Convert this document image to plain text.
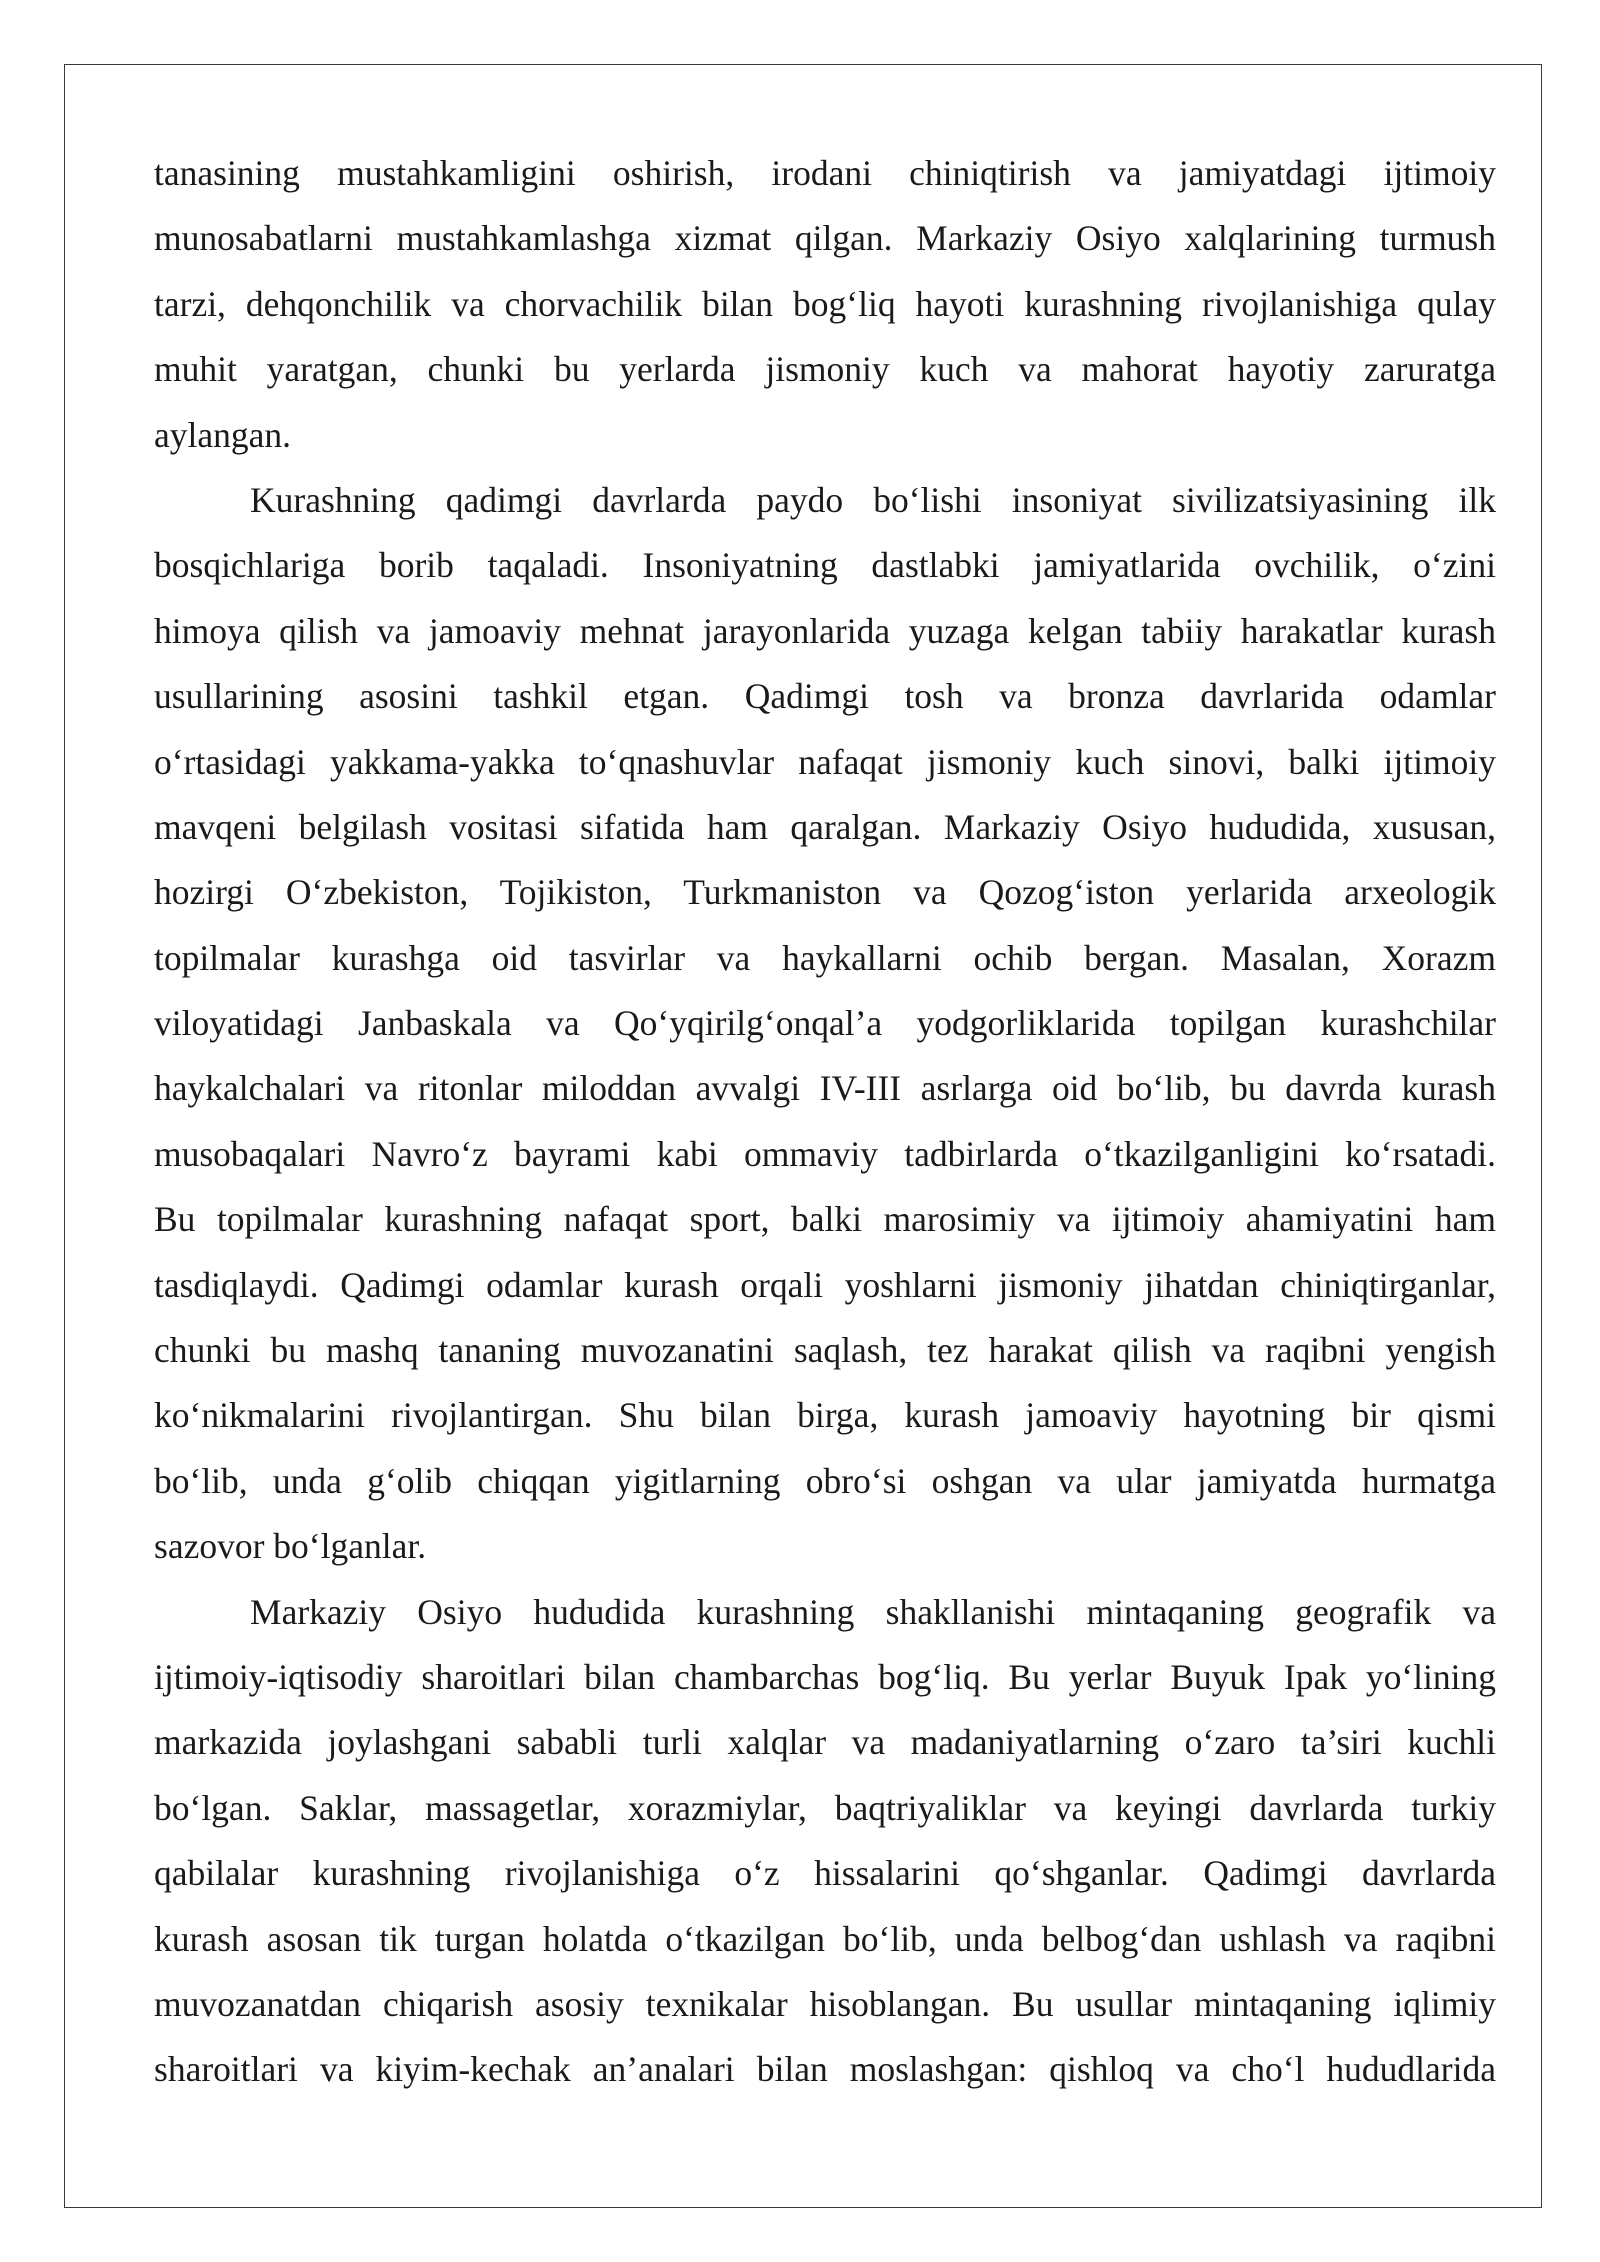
tanasining mustahkamligini oshirish, irodani chiniqtirish va jamiyatdagi ijtimoiy
munosabatlarni mustahkamlashga xizmat qilgan. Markaziy Osiyo xalqlarining turmush
tarzi, dehqonchilik va chorvachilik bilan bog‘liq hayoti kurashning rivojlanishiga qulay
muhit yaratgan, chunki bu yerlarda jismoniy kuch va mahorat hayotiy zaruratga
aylangan.
Kurashning qadimgi davrlarda paydo bo‘lishi insoniyat sivilizatsiyasining ilk
bosqichlariga borib taqaladi. Insoniyatning dastlabki jamiyatlarida ovchilik, o‘zini
himoya qilish va jamoaviy mehnat jarayonlarida yuzaga kelgan tabiiy harakatlar kurash
usullarining asosini tashkil etgan. Qadimgi tosh va bronza davrlarida odamlar
o‘rtasidagi yakkama-yakka to‘qnashuvlar nafaqat jismoniy kuch sinovi, balki ijtimoiy
mavqeni belgilash vositasi sifatida ham qaralgan. Markaziy Osiyo hududida, xususan,
hozirgi O‘zbekiston, Tojikiston, Turkmaniston va Qozog‘iston yerlarida arxeologik
topilmalar kurashga oid tasvirlar va haykallarni ochib bergan. Masalan, Xorazm
viloyatidagi Janbaskala va Qo‘yqirilg‘onqal’a yodgorliklarida topilgan kurashchilar
haykalchalari va ritonlar miloddan avvalgi IV-III asrlarga oid bo‘lib, bu davrda kurash
musobaqalari Navro‘z bayrami kabi ommaviy tadbirlarda o‘tkazilganligini ko‘rsatadi.
Bu topilmalar kurashning nafaqat sport, balki marosimiy va ijtimoiy ahamiyatini ham
tasdiqlaydi. Qadimgi odamlar kurash orqali yoshlarni jismoniy jihatdan chiniqtirganlar,
chunki bu mashq tananing muvozanatini saqlash, tez harakat qilish va raqibni yengish
ko‘nikmalarini rivojlantirgan. Shu bilan birga, kurash jamoaviy hayotning bir qismi
bo‘lib, unda g‘olib chiqqan yigitlarning obro‘si oshgan va ular jamiyatda hurmatga
sazovor bo‘lganlar.
Markaziy Osiyo hududida kurashning shakllanishi mintaqaning geografik va
ijtimoiy-iqtisodiy sharoitlari bilan chambarchas bog‘liq. Bu yerlar Buyuk Ipak yo‘lining
markazida joylashgani sababli turli xalqlar va madaniyatlarning o‘zaro ta’siri kuchli
bo‘lgan. Saklar, massagetlar, xorazmiylar, baqtriyaliklar va keyingi davrlarda turkiy
qabilalar kurashning rivojlanishiga o‘z hissalarini qo‘shganlar. Qadimgi davrlarda
kurash asosan tik turgan holatda o‘tkazilgan bo‘lib, unda belbog‘dan ushlash va raqibni
muvozanatdan chiqarish asosiy texnikalar hisoblangan. Bu usullar mintaqaning iqlimiy
sharoitlari va kiyim-kechak an’analari bilan moslashgan: qishloq va cho‘l hududlarida
